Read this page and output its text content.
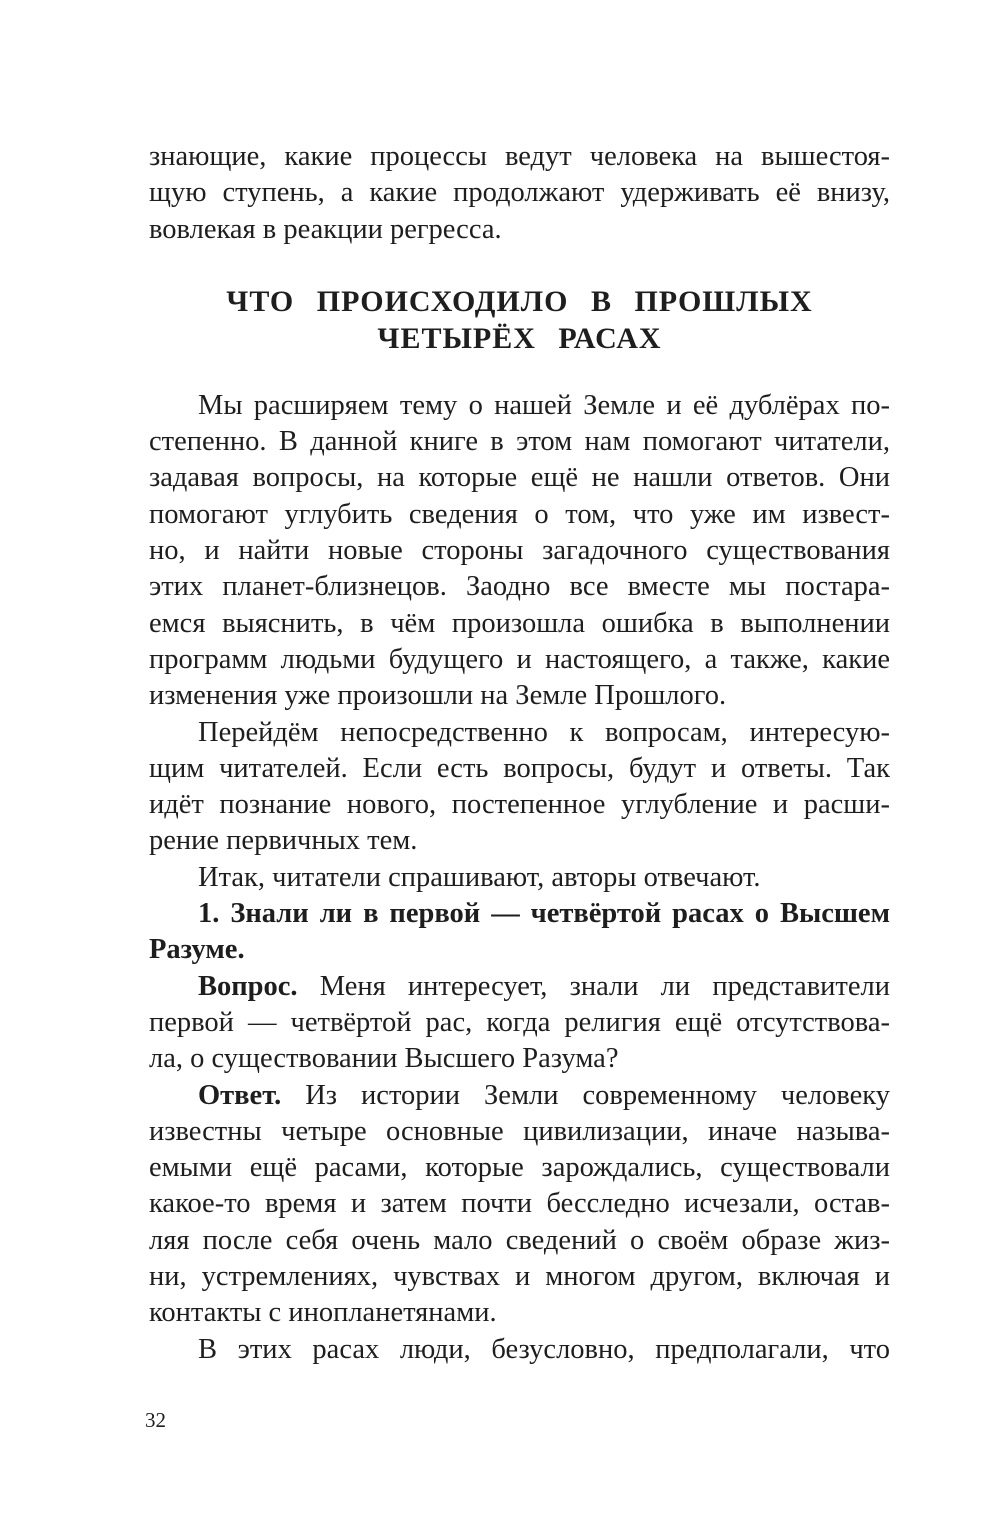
знающие, какие процессы ведут человека на вышестоя-
щую ступень, а какие продолжают удерживать её внизу,
вовлекая в реакции регресса.
ЧТО ПРОИСХОДИЛО В ПРОШЛЫХ
ЧЕТЫРЁХ РАСАХ
Мы расширяем тему о нашей Земле и её дублёрах по-
степенно. В данной книге в этом нам помогают читатели,
задавая вопросы, на которые ещё не нашли ответов. Они
помогают углубить сведения о том, что уже им извест-
но, и найти новые стороны загадочного существования
этих планет-близнецов. Заодно все вместе мы постара-
емся выяснить, в чём произошла ошибка в выполнении
программ людьми будущего и настоящего, а также, какие
изменения уже произошли на Земле Прошлого.
Перейдём непосредственно к вопросам, интересую-
щим читателей. Если есть вопросы, будут и ответы. Так
идёт познание нового, постепенное углубление и расши-
рение первичных тем.
Итак, читатели спрашивают, авторы отвечают.
1. Знали ли в первой — четвёртой расах о Высшем
Разуме.
Вопрос. Меня интересует, знали ли представители
первой — четвёртой рас, когда религия ещё отсутствова-
ла, о существовании Высшего Разума?
Ответ. Из истории Земли современному человеку
известны четыре основные цивилизации, иначе называ-
емыми ещё расами, которые зарождались, существовали
какое-то время и затем почти бесследно исчезали, остав-
ляя после себя очень мало сведений о своём образе жиз-
ни, устремлениях, чувствах и многом другом, включая и
контакты с инопланетянами.
В этих расах люди, безусловно, предполагали, что
32
